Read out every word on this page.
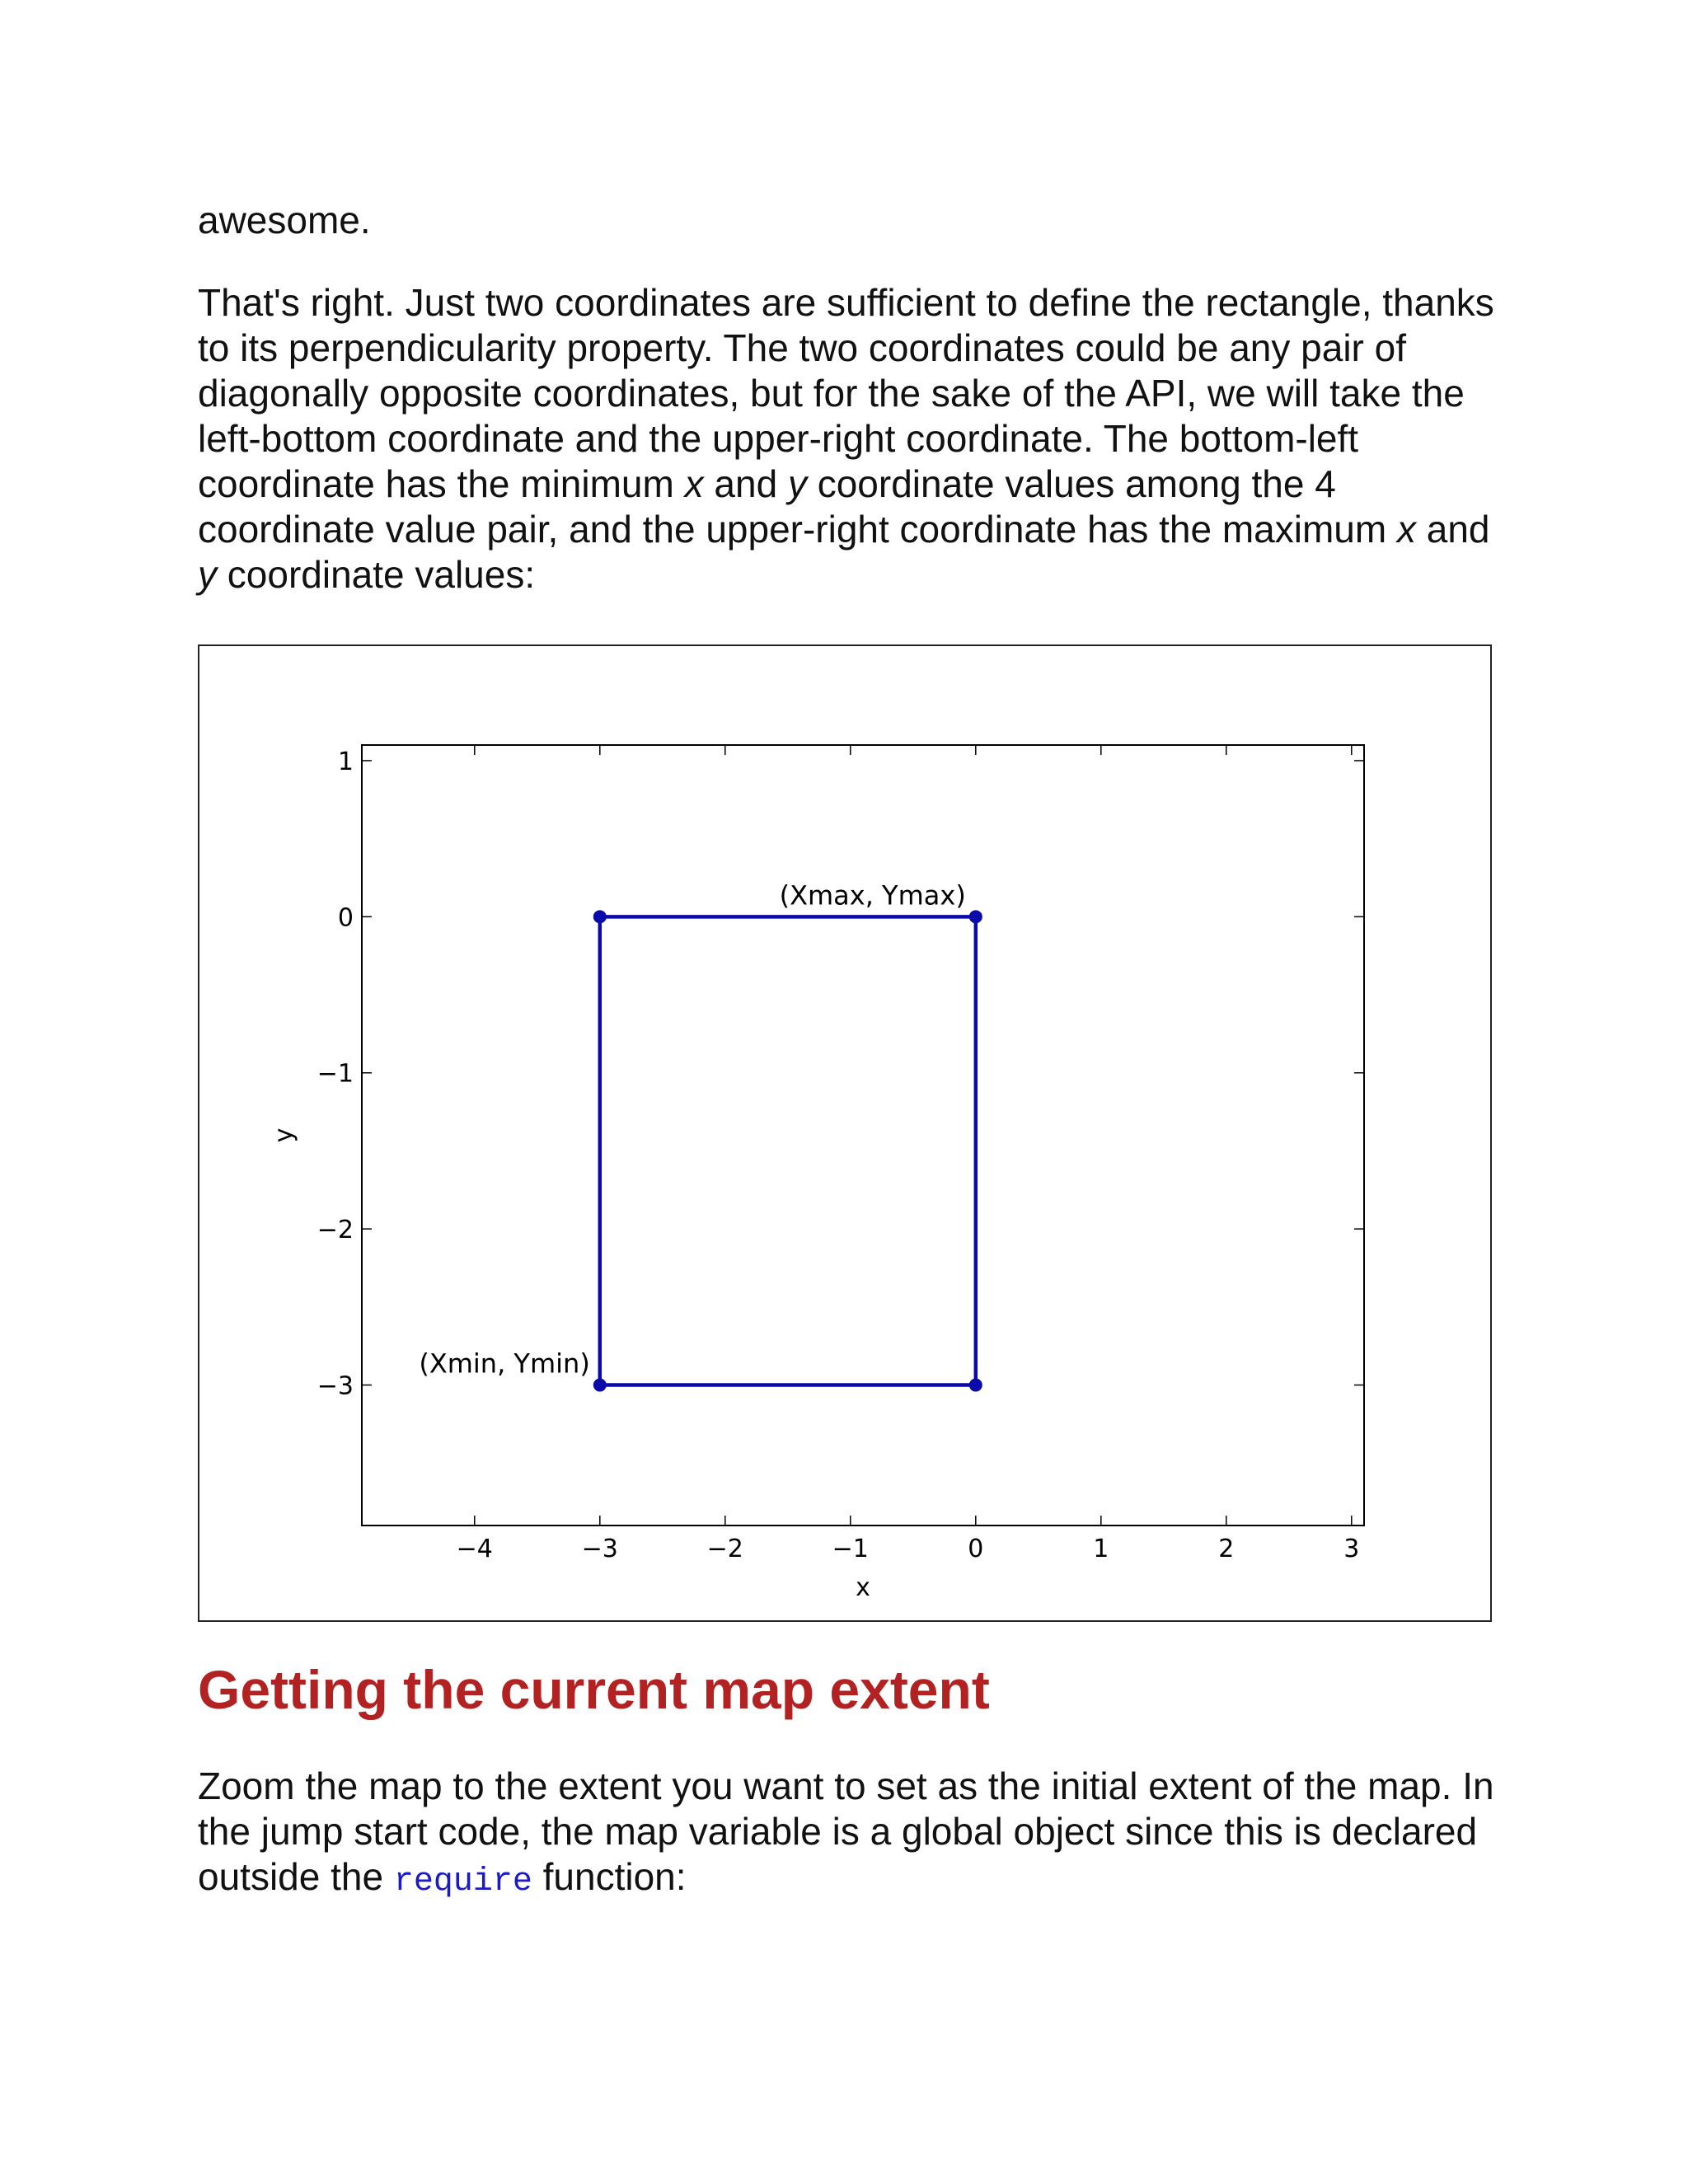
awesome.

That's right. Just two coordinates are sufficient to define the rectangle, thanks to its perpendicularity property. The two coordinates could be any pair of diagonally opposite coordinates, but for the sake of the API, we will take the left-bottom coordinate and the upper-right coordinate. The bottom-left coordinate has the minimum x and y coordinate values among the 4 coordinate value pair, and the upper-right coordinate has the maximum x and y coordinate values:

Zoom the map to the extent you want to set as the initial extent of the map. In the jump start code, the map variable is a global object since this is declared outside the require function:

−4	−3	−2	−1	0	1	2	3
−3
−2
−1
0
1
x
y
(Xmin, Ymin)
(Xmax, Ymax)
Getting the current map extent
